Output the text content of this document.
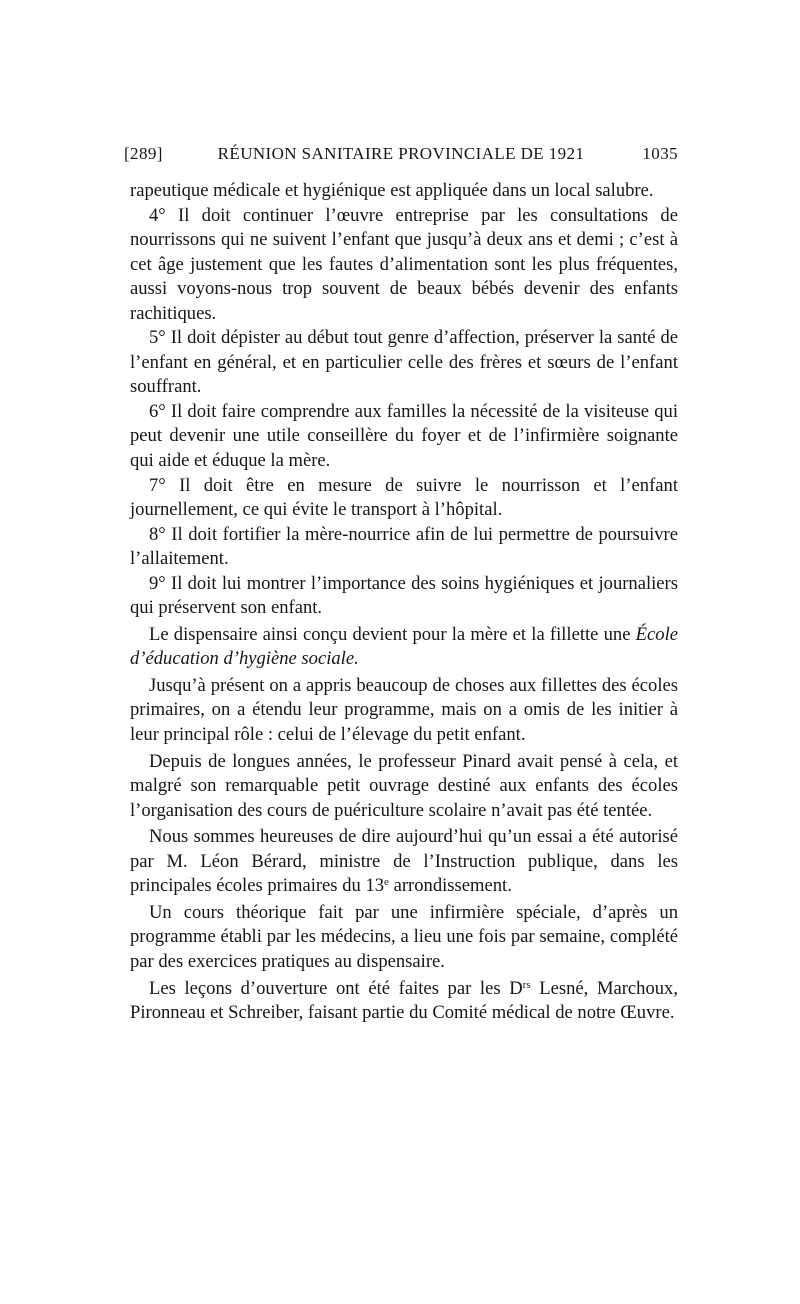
[289]	RÉUNION SANITAIRE PROVINCIALE DE 1921	1035

rapeutique médicale et hygiénique est appliquée dans un local salubre.

4° Il doit continuer l’œuvre entreprise par les consultations de nourrissons qui ne suivent l’enfant que jusqu’à deux ans et demi ; c’est à cet âge justement que les fautes d’alimentation sont les plus fréquentes, aussi voyons-nous trop souvent de beaux bébés devenir des enfants rachitiques.

5° Il doit dépister au début tout genre d’affection, préserver la santé de l’enfant en général, et en particulier celle des frères et sœurs de l’enfant souffrant.

6° Il doit faire comprendre aux familles la nécessité de la visiteuse qui peut devenir une utile conseillère du foyer et de l’infirmière soignante qui aide et éduque la mère.

7° Il doit être en mesure de suivre le nourrisson et l’enfant journellement, ce qui évite le transport à l’hôpital.

8° Il doit fortifier la mère-nourrice afin de lui permettre de poursuivre l’allaitement.

9° Il doit lui montrer l’importance des soins hygiéniques et journaliers qui préservent son enfant.

Le dispensaire ainsi conçu devient pour la mère et la fillette une École d’éducation d’hygiène sociale.

Jusqu’à présent on a appris beaucoup de choses aux fillettes des écoles primaires, on a étendu leur programme, mais on a omis de les initier à leur principal rôle : celui de l’élevage du petit enfant.

Depuis de longues années, le professeur Pinard avait pensé à cela, et malgré son remarquable petit ouvrage destiné aux enfants des écoles l’organisation des cours de puériculture scolaire n’avait pas été tentée.

Nous sommes heureuses de dire aujourd’hui qu’un essai a été autorisé par M. Léon Bérard, ministre de l’Instruction publique, dans les principales écoles primaires du 13e arrondissement.

Un cours théorique fait par une infirmière spéciale, d’après un programme établi par les médecins, a lieu une fois par semaine, complété par des exercices pratiques au dispensaire.

Les leçons d’ouverture ont été faites par les $D^{rs}$ Lesné, Marchoux, Pironneau et Schreiber, faisant partie du Comité médical de notre Œuvre.
